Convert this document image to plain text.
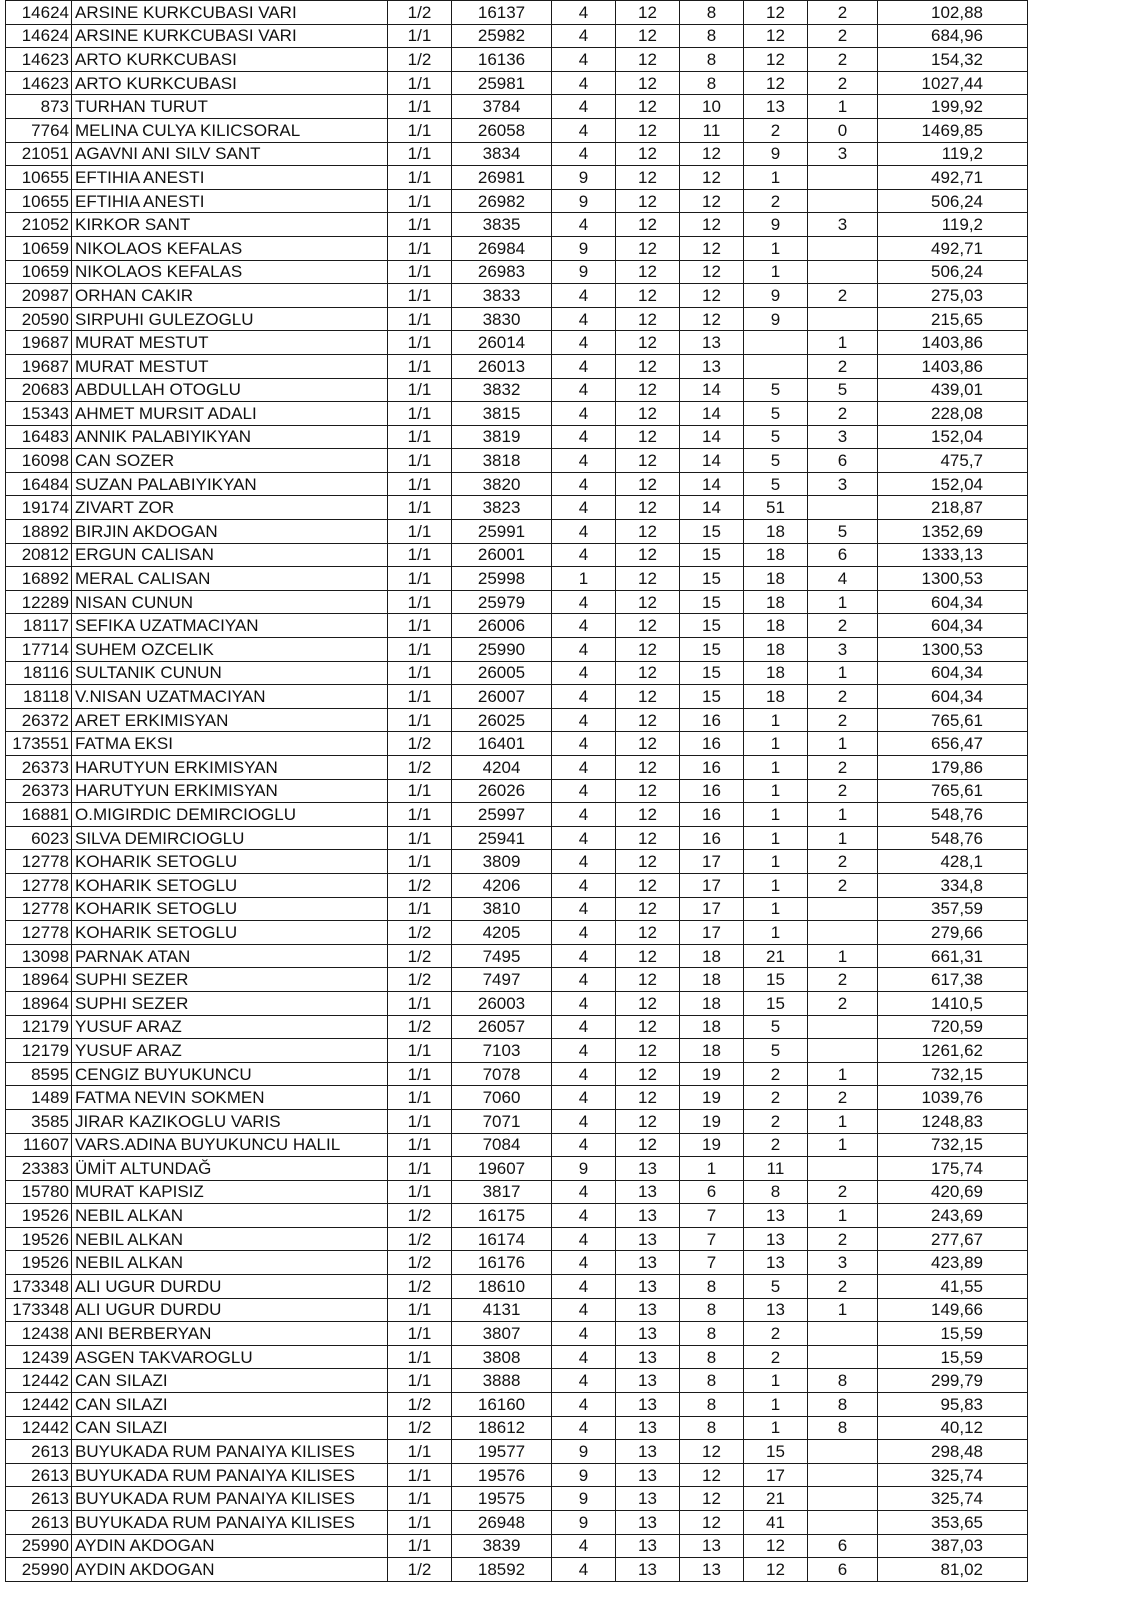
14624	ARSINE KURKCUBASI VARI	1/2	16137	4	12	8	12	2	102,88
14624	ARSINE KURKCUBASI VARI	1/1	25982	4	12	8	12	2	684,96
14623	ARTO KURKCUBASI	1/2	16136	4	12	8	12	2	154,32
14623	ARTO KURKCUBASI	1/1	25981	4	12	8	12	2	1027,44
873	TURHAN TURUT	1/1	3784	4	12	10	13	1	199,92
7764	MELINA CULYA KILICSORAL	1/1	26058	4	12	11	2	0	1469,85
21051	AGAVNI ANI SILV SANT	1/1	3834	4	12	12	9	3	119,2
10655	EFTIHIA ANESTI	1/1	26981	9	12	12	1		492,71
10655	EFTIHIA ANESTI	1/1	26982	9	12	12	2		506,24
21052	KIRKOR SANT	1/1	3835	4	12	12	9	3	119,2
10659	NIKOLAOS KEFALAS	1/1	26984	9	12	12	1		492,71
10659	NIKOLAOS KEFALAS	1/1	26983	9	12	12	1		506,24
20987	ORHAN CAKIR	1/1	3833	4	12	12	9	2	275,03
20590	SIRPUHI GULEZOGLU	1/1	3830	4	12	12	9		215,65
19687	MURAT MESTUT	1/1	26014	4	12	13		1	1403,86
19687	MURAT MESTUT	1/1	26013	4	12	13		2	1403,86
20683	ABDULLAH OTOGLU	1/1	3832	4	12	14	5	5	439,01
15343	AHMET MURSIT ADALI	1/1	3815	4	12	14	5	2	228,08
16483	ANNIK PALABIYIKYAN	1/1	3819	4	12	14	5	3	152,04
16098	CAN SOZER	1/1	3818	4	12	14	5	6	475,7
16484	SUZAN PALABIYIKYAN	1/1	3820	4	12	14	5	3	152,04
19174	ZIVART ZOR	1/1	3823	4	12	14	51		218,87
18892	BIRJIN AKDOGAN	1/1	25991	4	12	15	18	5	1352,69
20812	ERGUN CALISAN	1/1	26001	4	12	15	18	6	1333,13
16892	MERAL CALISAN	1/1	25998	1	12	15	18	4	1300,53
12289	NISAN CUNUN	1/1	25979	4	12	15	18	1	604,34
18117	SEFIKA UZATMACIYAN	1/1	26006	4	12	15	18	2	604,34
17714	SUHEM OZCELIK	1/1	25990	4	12	15	18	3	1300,53
18116	SULTANIK CUNUN	1/1	26005	4	12	15	18	1	604,34
18118	V.NISAN UZATMACIYAN	1/1	26007	4	12	15	18	2	604,34
26372	ARET ERKIMISYAN	1/1	26025	4	12	16	1	2	765,61
173551	FATMA EKSI	1/2	16401	4	12	16	1	1	656,47
26373	HARUTYUN ERKIMISYAN	1/2	4204	4	12	16	1	2	179,86
26373	HARUTYUN ERKIMISYAN	1/1	26026	4	12	16	1	2	765,61
16881	O.MIGIRDIC DEMIRCIOGLU	1/1	25997	4	12	16	1	1	548,76
6023	SILVA DEMIRCIOGLU	1/1	25941	4	12	16	1	1	548,76
12778	KOHARIK SETOGLU	1/1	3809	4	12	17	1	2	428,1
12778	KOHARIK SETOGLU	1/2	4206	4	12	17	1	2	334,8
12778	KOHARIK SETOGLU	1/1	3810	4	12	17	1		357,59
12778	KOHARIK SETOGLU	1/2	4205	4	12	17	1		279,66
13098	PARNAK ATAN	1/2	7495	4	12	18	21	1	661,31
18964	SUPHI SEZER	1/2	7497	4	12	18	15	2	617,38
18964	SUPHI SEZER	1/1	26003	4	12	18	15	2	1410,5
12179	YUSUF ARAZ	1/2	26057	4	12	18	5		720,59
12179	YUSUF ARAZ	1/1	7103	4	12	18	5		1261,62
8595	CENGIZ BUYUKUNCU	1/1	7078	4	12	19	2	1	732,15
1489	FATMA NEVIN SOKMEN	1/1	7060	4	12	19	2	2	1039,76
3585	JIRAR KAZIKOGLU VARIS	1/1	7071	4	12	19	2	1	1248,83
11607	VARS.ADINA BUYUKUNCU HALIL	1/1	7084	4	12	19	2	1	732,15
23383	ÜMİT ALTUNDAĞ	1/1	19607	9	13	1	11		175,74
15780	MURAT KAPISIZ	1/1	3817	4	13	6	8	2	420,69
19526	NEBIL ALKAN	1/2	16175	4	13	7	13	1	243,69
19526	NEBIL ALKAN	1/2	16174	4	13	7	13	2	277,67
19526	NEBIL ALKAN	1/2	16176	4	13	7	13	3	423,89
173348	ALI UGUR DURDU	1/2	18610	4	13	8	5	2	41,55
173348	ALI UGUR DURDU	1/1	4131	4	13	8	13	1	149,66
12438	ANI BERBERYAN	1/1	3807	4	13	8	2		15,59
12439	ASGEN TAKVAROGLU	1/1	3808	4	13	8	2		15,59
12442	CAN SILAZI	1/1	3888	4	13	8	1	8	299,79
12442	CAN SILAZI	1/2	16160	4	13	8	1	8	95,83
12442	CAN SILAZI	1/2	18612	4	13	8	1	8	40,12
2613	BUYUKADA RUM PANAIYA KILISES	1/1	19577	9	13	12	15		298,48
2613	BUYUKADA RUM PANAIYA KILISES	1/1	19576	9	13	12	17		325,74
2613	BUYUKADA RUM PANAIYA KILISES	1/1	19575	9	13	12	21		325,74
2613	BUYUKADA RUM PANAIYA KILISES	1/1	26948	9	13	12	41		353,65
25990	AYDIN AKDOGAN	1/1	3839	4	13	13	12	6	387,03
25990	AYDIN AKDOGAN	1/2	18592	4	13	13	12	6	81,02
